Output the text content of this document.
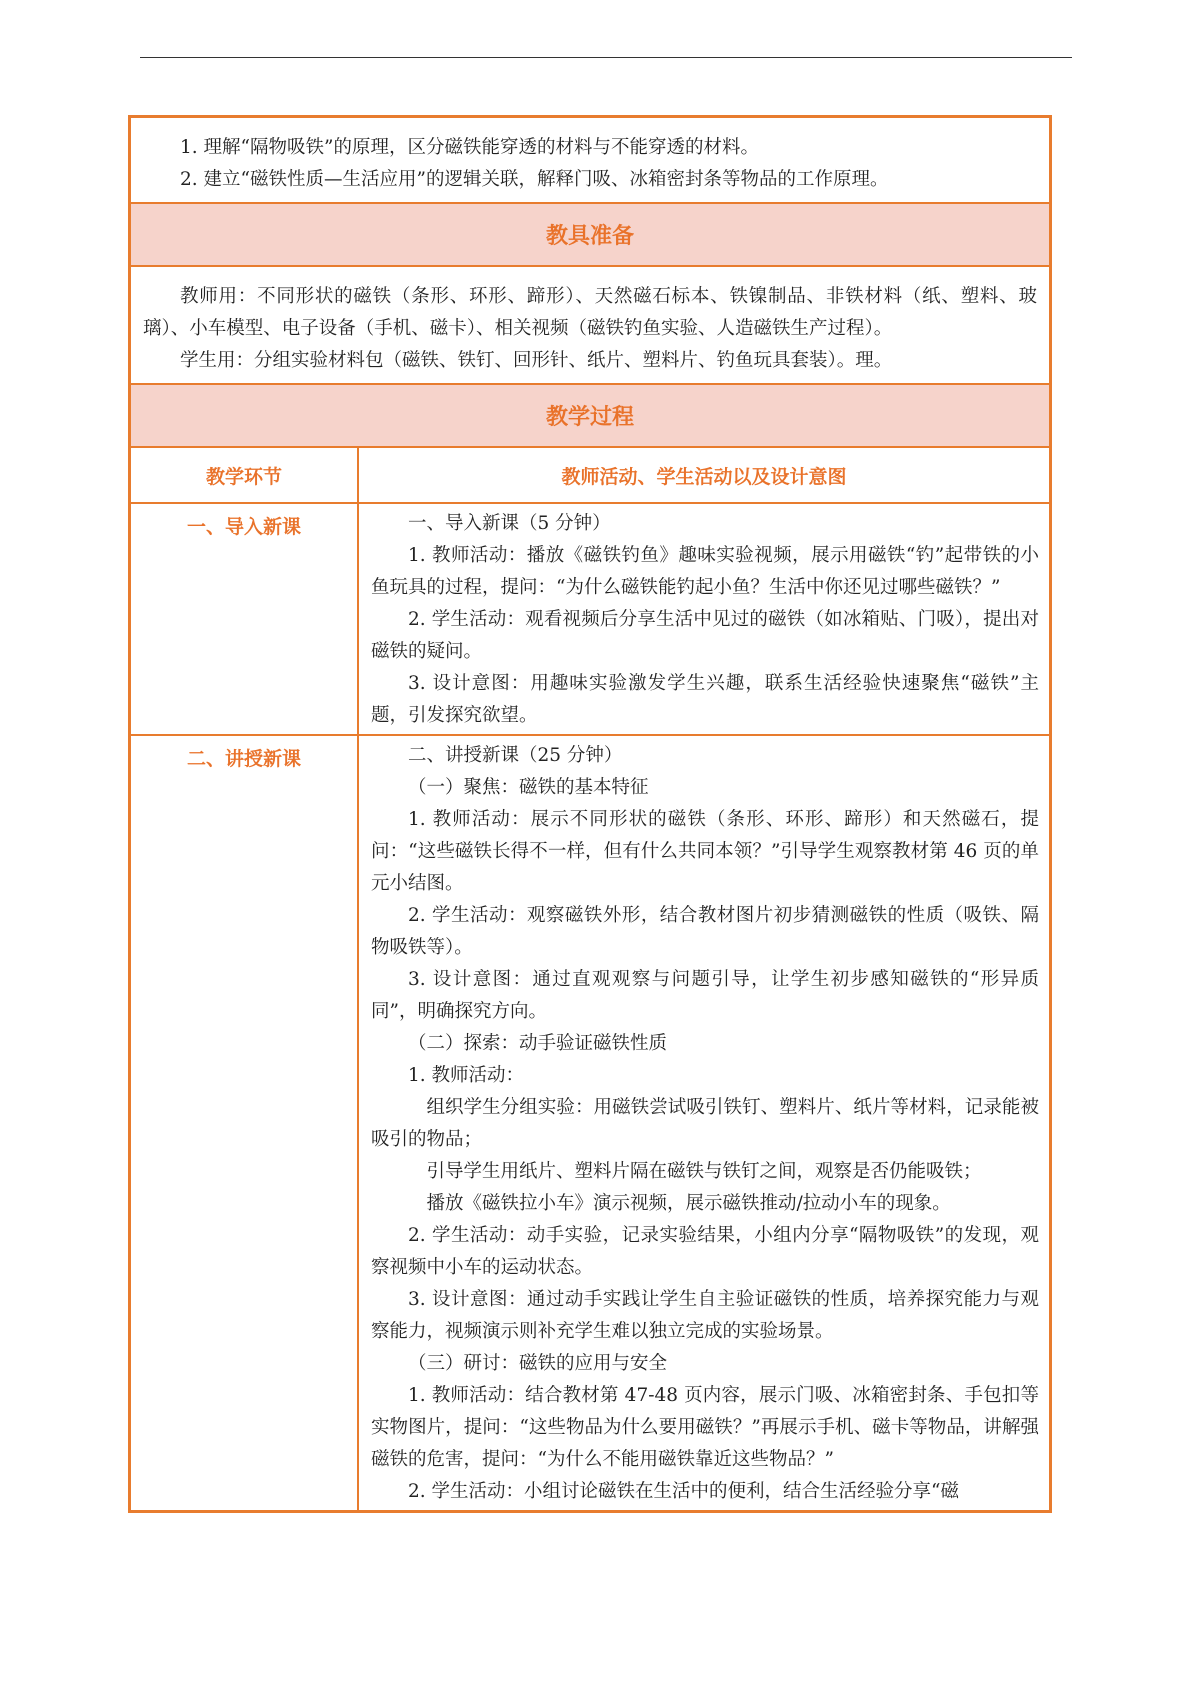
1. 理解“隔物吸铁”的原理，区分磁铁能穿透的材料与不能穿透的材料。

2. 建立“磁铁性质—生活应用”的逻辑关联，解释门吸、冰箱密封条等物品的工作原理。

教具准备

教师用：不同形状的磁铁（条形、环形、蹄形）、天然磁石标本、铁镍制品、非铁材料（纸、塑料、玻璃）、小车模型、电子设备（手机、磁卡）、相关视频（磁铁钓鱼实验、人造磁铁生产过程）。

学生用：分组实验材料包（磁铁、铁钉、回形针、纸片、塑料片、钓鱼玩具套装）。理。

教学过程
教学环节	教师活动、学生活动以及设计意图
一、导入新课	一、导入新课（5 分钟）

1. 教师活动：播放《磁铁钓鱼》趣味实验视频，展示用磁铁“钓”起带铁的小鱼玩具的过程，提问：“为什么磁铁能钓起小鱼？生活中你还见过哪些磁铁？”

2. 学生活动：观看视频后分享生活中见过的磁铁（如冰箱贴、门吸），提出对磁铁的疑问。

3. 设计意图：用趣味实验激发学生兴趣，联系生活经验快速聚焦“磁铁”主题，引发探究欲望。

二、讲授新课	二、讲授新课（25 分钟）

（一）聚焦：磁铁的基本特征

1. 教师活动：展示不同形状的磁铁（条形、环形、蹄形）和天然磁石，提问：“这些磁铁长得不一样，但有什么共同本领？”引导学生观察教材第 46 页的单元小结图。

2. 学生活动：观察磁铁外形，结合教材图片初步猜测磁铁的性质（吸铁、隔物吸铁等）。

3. 设计意图：通过直观观察与问题引导，让学生初步感知磁铁的“形异质同”，明确探究方向。

（二）探索：动手验证磁铁性质

1. 教师活动：

组织学生分组实验：用磁铁尝试吸引铁钉、塑料片、纸片等材料，记录能被吸引的物品；

引导学生用纸片、塑料片隔在磁铁与铁钉之间，观察是否仍能吸铁；

播放《磁铁拉小车》演示视频，展示磁铁推动/拉动小车的现象。

2. 学生活动：动手实验，记录实验结果，小组内分享“隔物吸铁”的发现，观察视频中小车的运动状态。

3. 设计意图：通过动手实践让学生自主验证磁铁的性质，培养探究能力与观察能力，视频演示则补充学生难以独立完成的实验场景。

（三）研讨：磁铁的应用与安全

1. 教师活动：结合教材第 47-48 页内容，展示门吸、冰箱密封条、手包扣等实物图片，提问：“这些物品为什么要用磁铁？”再展示手机、磁卡等物品，讲解强磁铁的危害，提问：“为什么不能用磁铁靠近这些物品？”

2. 学生活动：小组讨论磁铁在生活中的便利，结合生活经验分享“磁
